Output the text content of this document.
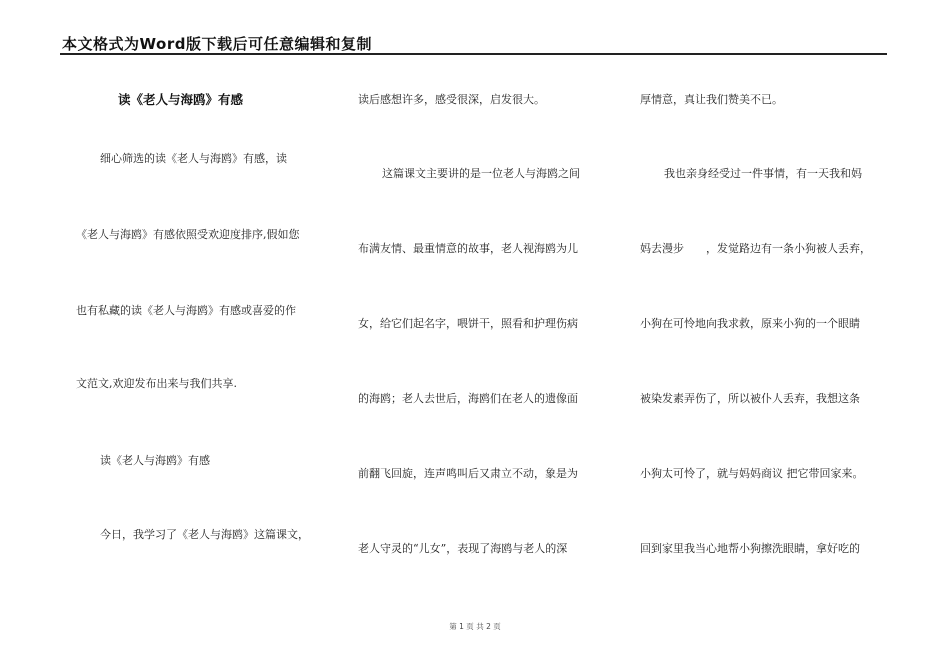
本文格式为Word版下载后可任意编辑和复制
读《老人与海鸥》有感
细心筛选的读《老人与海鸥》有感，读
《老人与海鸥》有感依照受欢迎度排序,假如您
也有私藏的读《老人与海鸥》有感或喜爱的作
文范文,欢迎发布出来与我们共享.
读《老人与海鸥》有感
今日，我学习了《老人与海鸥》这篇课文，
读后感想许多，感受很深，启发很大。
这篇课文主要讲的是一位老人与海鸥之间
布满友情、最重情意的故事，老人视海鸥为儿
女，给它们起名字，喂饼干，照看和护理伤病
的海鸥；老人去世后，海鸥们在老人的遗像面
前翻飞回旋，连声鸣叫后又肃立不动，象是为
老人守灵的“儿女”，表现了海鸥与老人的深
厚情意，真让我们赞美不已。
我也亲身经受过一件事情，有一天我和妈
妈去漫步　　，发觉路边有一条小狗被人丢弃，
小狗在可怜地向我求救，原来小狗的一个眼睛
被染发素弄伤了，所以被仆人丢弃，我想这条
小狗太可怜了，就与妈妈商议 把它带回家来。
回到家里我当心地帮小狗擦洗眼睛，拿好吃的
第 1 页 共 2 页
